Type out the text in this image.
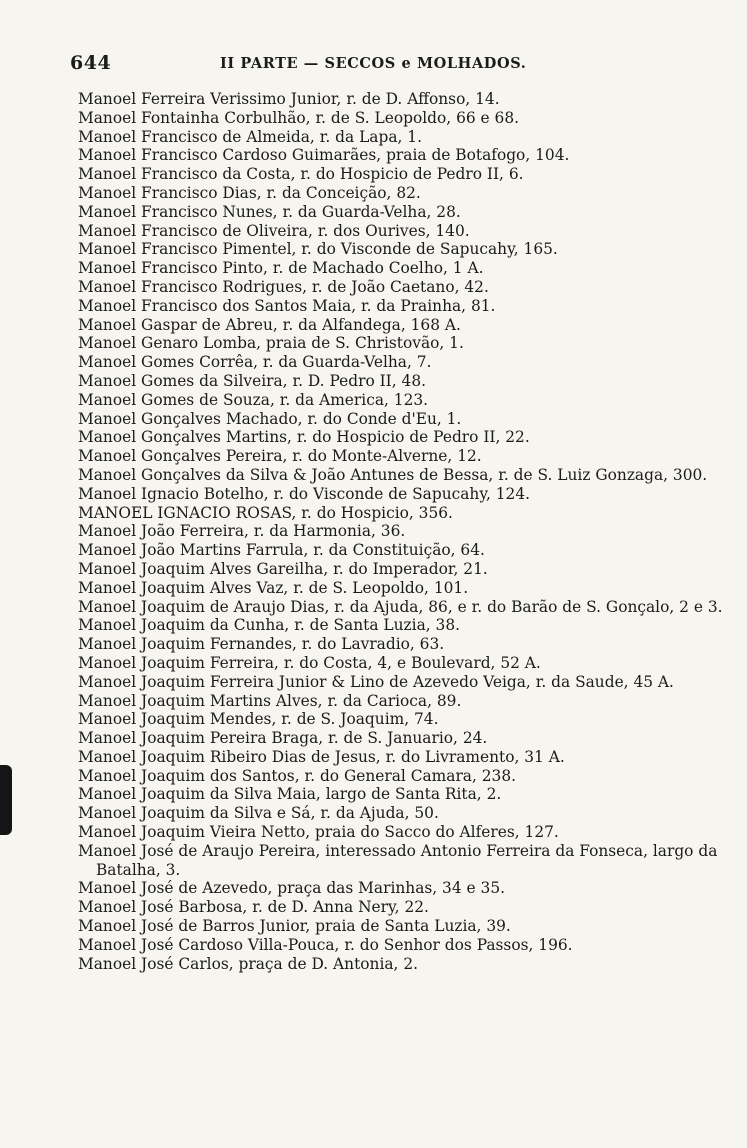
644	II PARTE — SECCOS e MOLHADOS.

Manoel Ferreira Verissimo Junior, r. de D. Affonso, 14.

Manoel Fontainha Corbulhão, r. de S. Leopoldo, 66 e 68.

Manoel Francisco de Almeida, r. da Lapa, 1.

Manoel Francisco Cardoso Guimarães, praia de Botafogo, 104.

Manoel Francisco da Costa, r. do Hospicio de Pedro II, 6.

Manoel Francisco Dias, r. da Conceição, 82.

Manoel Francisco Nunes, r. da Guarda-Velha, 28.

Manoel Francisco de Oliveira, r. dos Ourives, 140.

Manoel Francisco Pimentel, r. do Visconde de Sapucahy, 165.

Manoel Francisco Pinto, r. de Machado Coelho, 1 A.

Manoel Francisco Rodrigues, r. de João Caetano, 42.

Manoel Francisco dos Santos Maia, r. da Prainha, 81.

Manoel Gaspar de Abreu, r. da Alfandega, 168 A.

Manoel Genaro Lomba, praia de S. Christovão, 1.

Manoel Gomes Corrêa, r. da Guarda-Velha, 7.

Manoel Gomes da Silveira, r. D. Pedro II, 48.

Manoel Gomes de Souza, r. da America, 123.

Manoel Gonçalves Machado, r. do Conde d'Eu, 1.

Manoel Gonçalves Martins, r. do Hospicio de Pedro II, 22.

Manoel Gonçalves Pereira, r. do Monte-Alverne, 12.

Manoel Gonçalves da Silva & João Antunes de Bessa, r. de S. Luiz Gonzaga, 300.

Manoel Ignacio Botelho, r. do Visconde de Sapucahy, 124.

MANOEL IGNACIO ROSAS, r. do Hospicio, 356.

Manoel João Ferreira, r. da Harmonia, 36.

Manoel João Martins Farrula, r. da Constituição, 64.

Manoel Joaquim Alves Gareilha, r. do Imperador, 21.

Manoel Joaquim Alves Vaz, r. de S. Leopoldo, 101.

Manoel Joaquim de Araujo Dias, r. da Ajuda, 86, e r. do Barão de S. Gonçalo, 2 e 3.

Manoel Joaquim da Cunha, r. de Santa Luzia, 38.

Manoel Joaquim Fernandes, r. do Lavradio, 63.

Manoel Joaquim Ferreira, r. do Costa, 4, e Boulevard, 52 A.

Manoel Joaquim Ferreira Junior & Lino de Azevedo Veiga, r. da Saude, 45 A.

Manoel Joaquim Martins Alves, r. da Carioca, 89.

Manoel Joaquim Mendes, r. de S. Joaquim, 74.

Manoel Joaquim Pereira Braga, r. de S. Januario, 24.

Manoel Joaquim Ribeiro Dias de Jesus, r. do Livramento, 31 A.

Manoel Joaquim dos Santos, r. do General Camara, 238.

Manoel Joaquim da Silva Maia, largo de Santa Rita, 2.

Manoel Joaquim da Silva e Sá, r. da Ajuda, 50.

Manoel Joaquim Vieira Netto, praia do Sacco do Alferes, 127.

Manoel José de Araujo Pereira, interessado Antonio Ferreira da Fonseca, largo da Batalha, 3.

Manoel José de Azevedo, praça das Marinhas, 34 e 35.

Manoel José Barbosa, r. de D. Anna Nery, 22.

Manoel José de Barros Junior, praia de Santa Luzia, 39.

Manoel José Cardoso Villa-Pouca, r. do Senhor dos Passos, 196.

Manoel José Carlos, praça de D. Antonia, 2.
